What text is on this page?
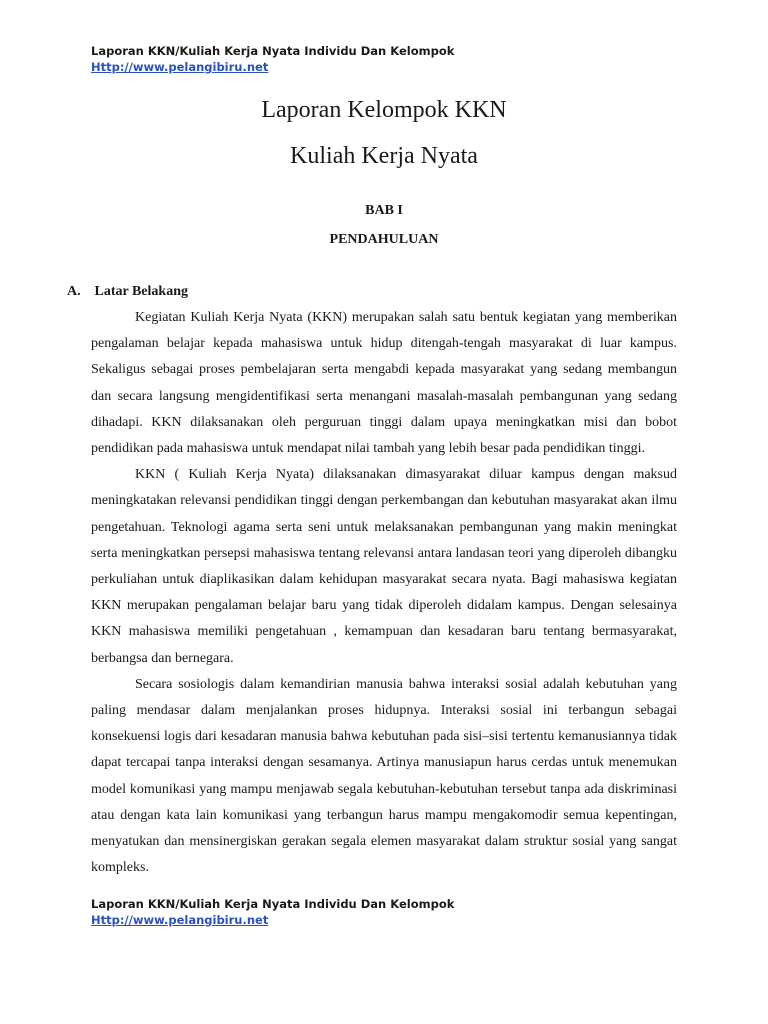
Laporan KKN/Kuliah Kerja Nyata Individu Dan Kelompok
Http://www.pelangibiru.net
Laporan Kelompok KKN
Kuliah Kerja Nyata
BAB I
PENDAHULUAN
A. Latar Belakang

Kegiatan Kuliah Kerja Nyata (KKN) merupakan salah satu bentuk kegiatan yang memberikan pengalaman belajar kepada mahasiswa untuk hidup ditengah-tengah masyarakat di luar kampus. Sekaligus sebagai proses pembelajaran serta mengabdi kepada masyarakat yang sedang membangun dan secara langsung mengidentifikasi serta menangani masalah-masalah pembangunan yang sedang dihadapi. KKN dilaksanakan oleh perguruan tinggi dalam upaya meningkatkan misi dan bobot pendidikan pada mahasiswa untuk mendapat nilai tambah yang lebih besar pada pendidikan tinggi.

KKN ( Kuliah Kerja Nyata) dilaksanakan dimasyarakat diluar kampus dengan maksud meningkatakan relevansi pendidikan tinggi dengan perkembangan dan kebutuhan masyarakat akan ilmu pengetahuan. Teknologi agama serta seni untuk melaksanakan pembangunan yang makin meningkat serta meningkatkan persepsi mahasiswa tentang relevansi antara landasan teori yang diperoleh dibangku perkuliahan untuk diaplikasikan dalam kehidupan masyarakat secara nyata. Bagi mahasiswa kegiatan KKN merupakan pengalaman belajar baru yang tidak diperoleh didalam kampus. Dengan selesainya KKN mahasiswa memiliki pengetahuan , kemampuan dan kesadaran baru tentang bermasyarakat, berbangsa dan bernegara.

Secara sosiologis dalam kemandirian manusia bahwa interaksi sosial adalah kebutuhan yang paling mendasar dalam menjalankan proses hidupnya. Interaksi sosial ini terbangun sebagai konsekuensi logis dari kesadaran manusia bahwa kebutuhan pada sisi–sisi tertentu kemanusiannya tidak dapat tercapai tanpa interaksi dengan sesamanya. Artinya manusiapun harus cerdas untuk menemukan model komunikasi yang mampu menjawab segala kebutuhan-kebutuhan tersebut tanpa ada diskriminasi atau dengan kata lain komunikasi yang terbangun harus mampu mengakomodir semua kepentingan, menyatukan dan mensinergiskan gerakan segala elemen masyarakat dalam struktur sosial yang sangat kompleks.

Laporan KKN/Kuliah Kerja Nyata Individu Dan Kelompok
Http://www.pelangibiru.net
